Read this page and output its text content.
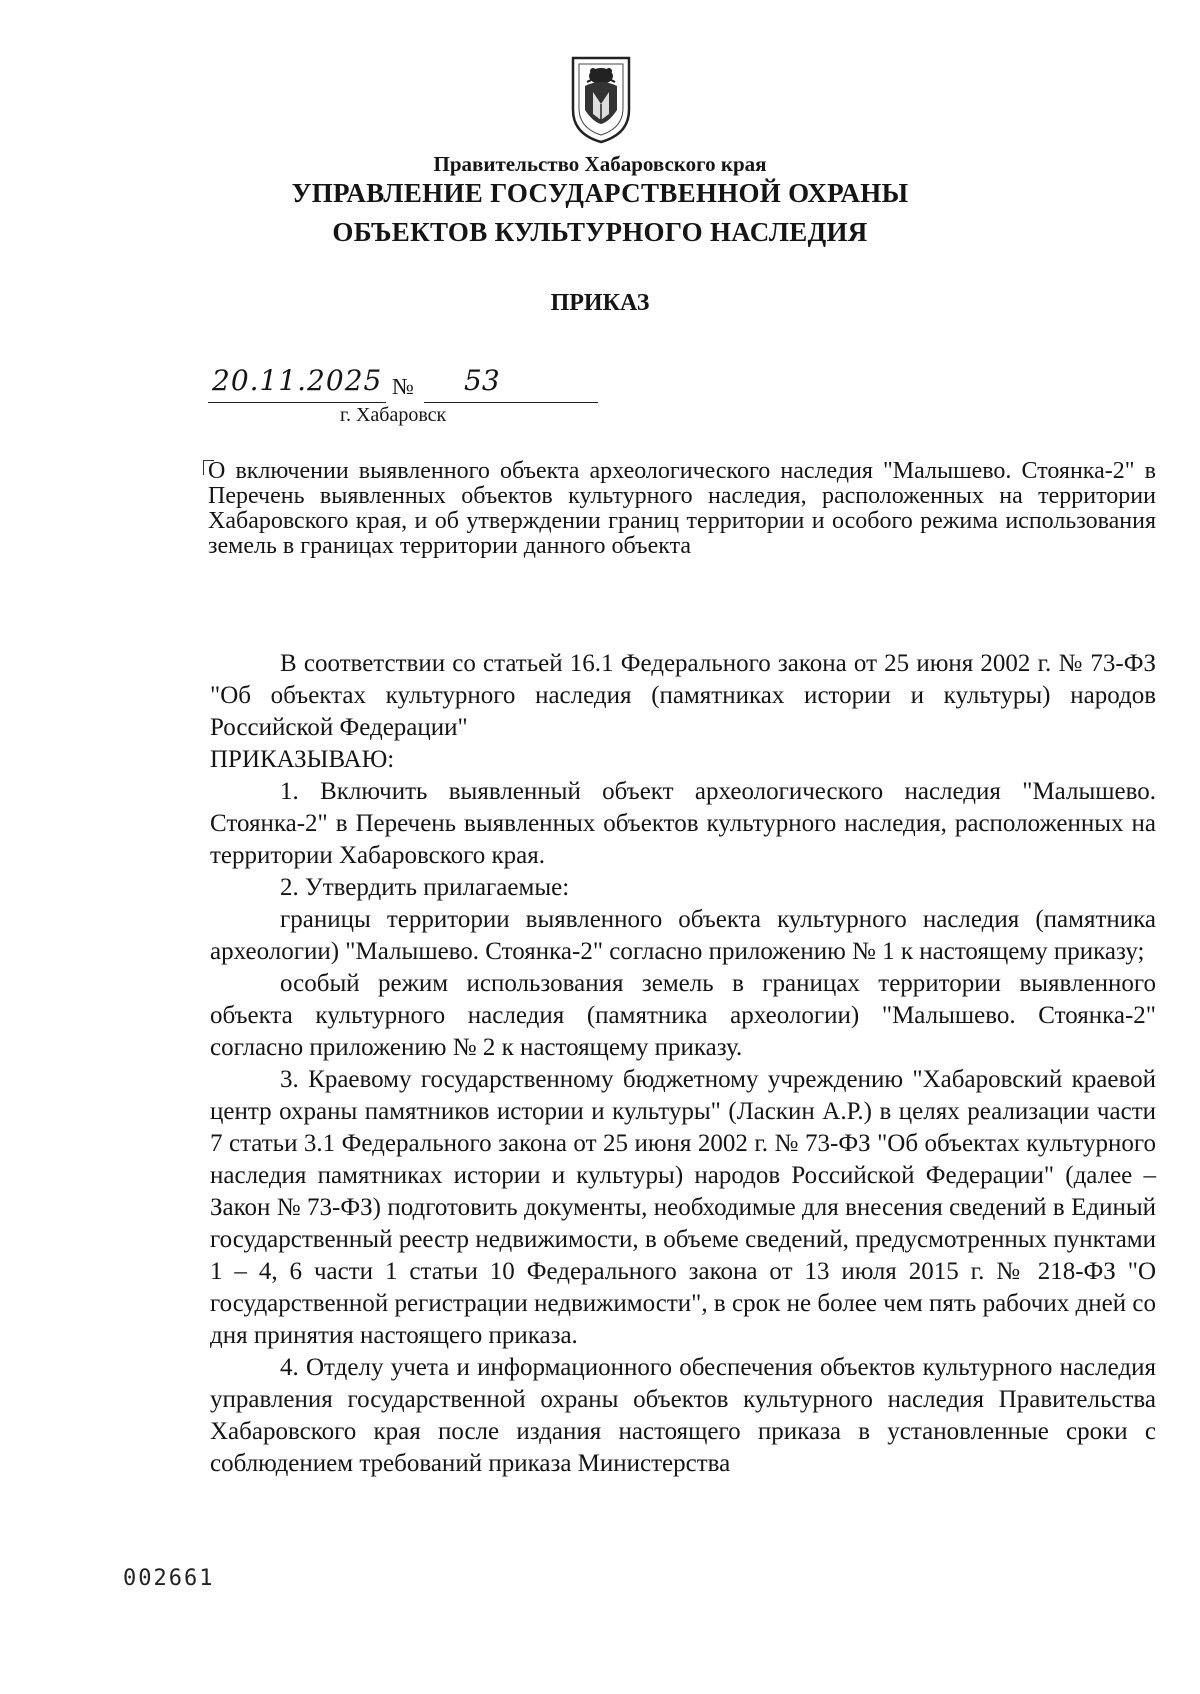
Правительство Хабаровского края
УПРАВЛЕНИЕ ГОСУДАРСТВЕННОЙ ОХРАНЫ
ОБЪЕКТОВ КУЛЬТУРНОГО НАСЛЕДИЯ
ПРИКАЗ
20.11.2025 № 53
г. Хабаровск
О включении выявленного объекта археологического наследия "Малышево. Стоянка-2" в Перечень выявленных объектов культурного наследия, расположенных на территории Хабаровского края, и об утверждении границ территории и особого режима использования земель в границах территории данного объекта

В соответствии со статьей 16.1 Федерального закона от 25 июня 2002 г. № 73-ФЗ "Об объектах культурного наследия (памятниках истории и культуры) народов Российской Федерации"

ПРИКАЗЫВАЮ:

1. Включить выявленный объект археологического наследия "Малышево. Стоянка-2" в Перечень выявленных объектов культурного наследия, расположенных на территории Хабаровского края.

2. Утвердить прилагаемые:

границы территории выявленного объекта культурного наследия (памятника археологии) "Малышево. Стоянка-2" согласно приложению № 1 к настоящему приказу;

особый режим использования земель в границах территории выявленного объекта культурного наследия (памятника археологии) "Малышево. Стоянка-2" согласно приложению № 2 к настоящему приказу.

3. Краевому государственному бюджетному учреждению "Хабаровский краевой центр охраны памятников истории и культуры" (Ласкин А.Р.) в целях реализации части 7 статьи 3.1 Федерального закона от 25 июня 2002 г. № 73-ФЗ "Об объектах культурного наследия памятниках истории и культуры) народов Российской Федерации" (далее – Закон № 73-ФЗ) подготовить документы, необходимые для внесения сведений в Единый государственный реестр недвижимости, в объеме сведений, предусмотренных пунктами 1 – 4, 6 части 1 статьи 10 Федерального закона от 13 июля 2015 г. № 218-ФЗ "О государственной регистрации недвижимости", в срок не более чем пять рабочих дней со дня принятия настоящего приказа.

4. Отделу учета и информационного обеспечения объектов культурного наследия управления государственной охраны объектов культурного наследия Правительства Хабаровского края после издания настоящего приказа в установленные сроки с соблюдением требований приказа Министерства

002661
